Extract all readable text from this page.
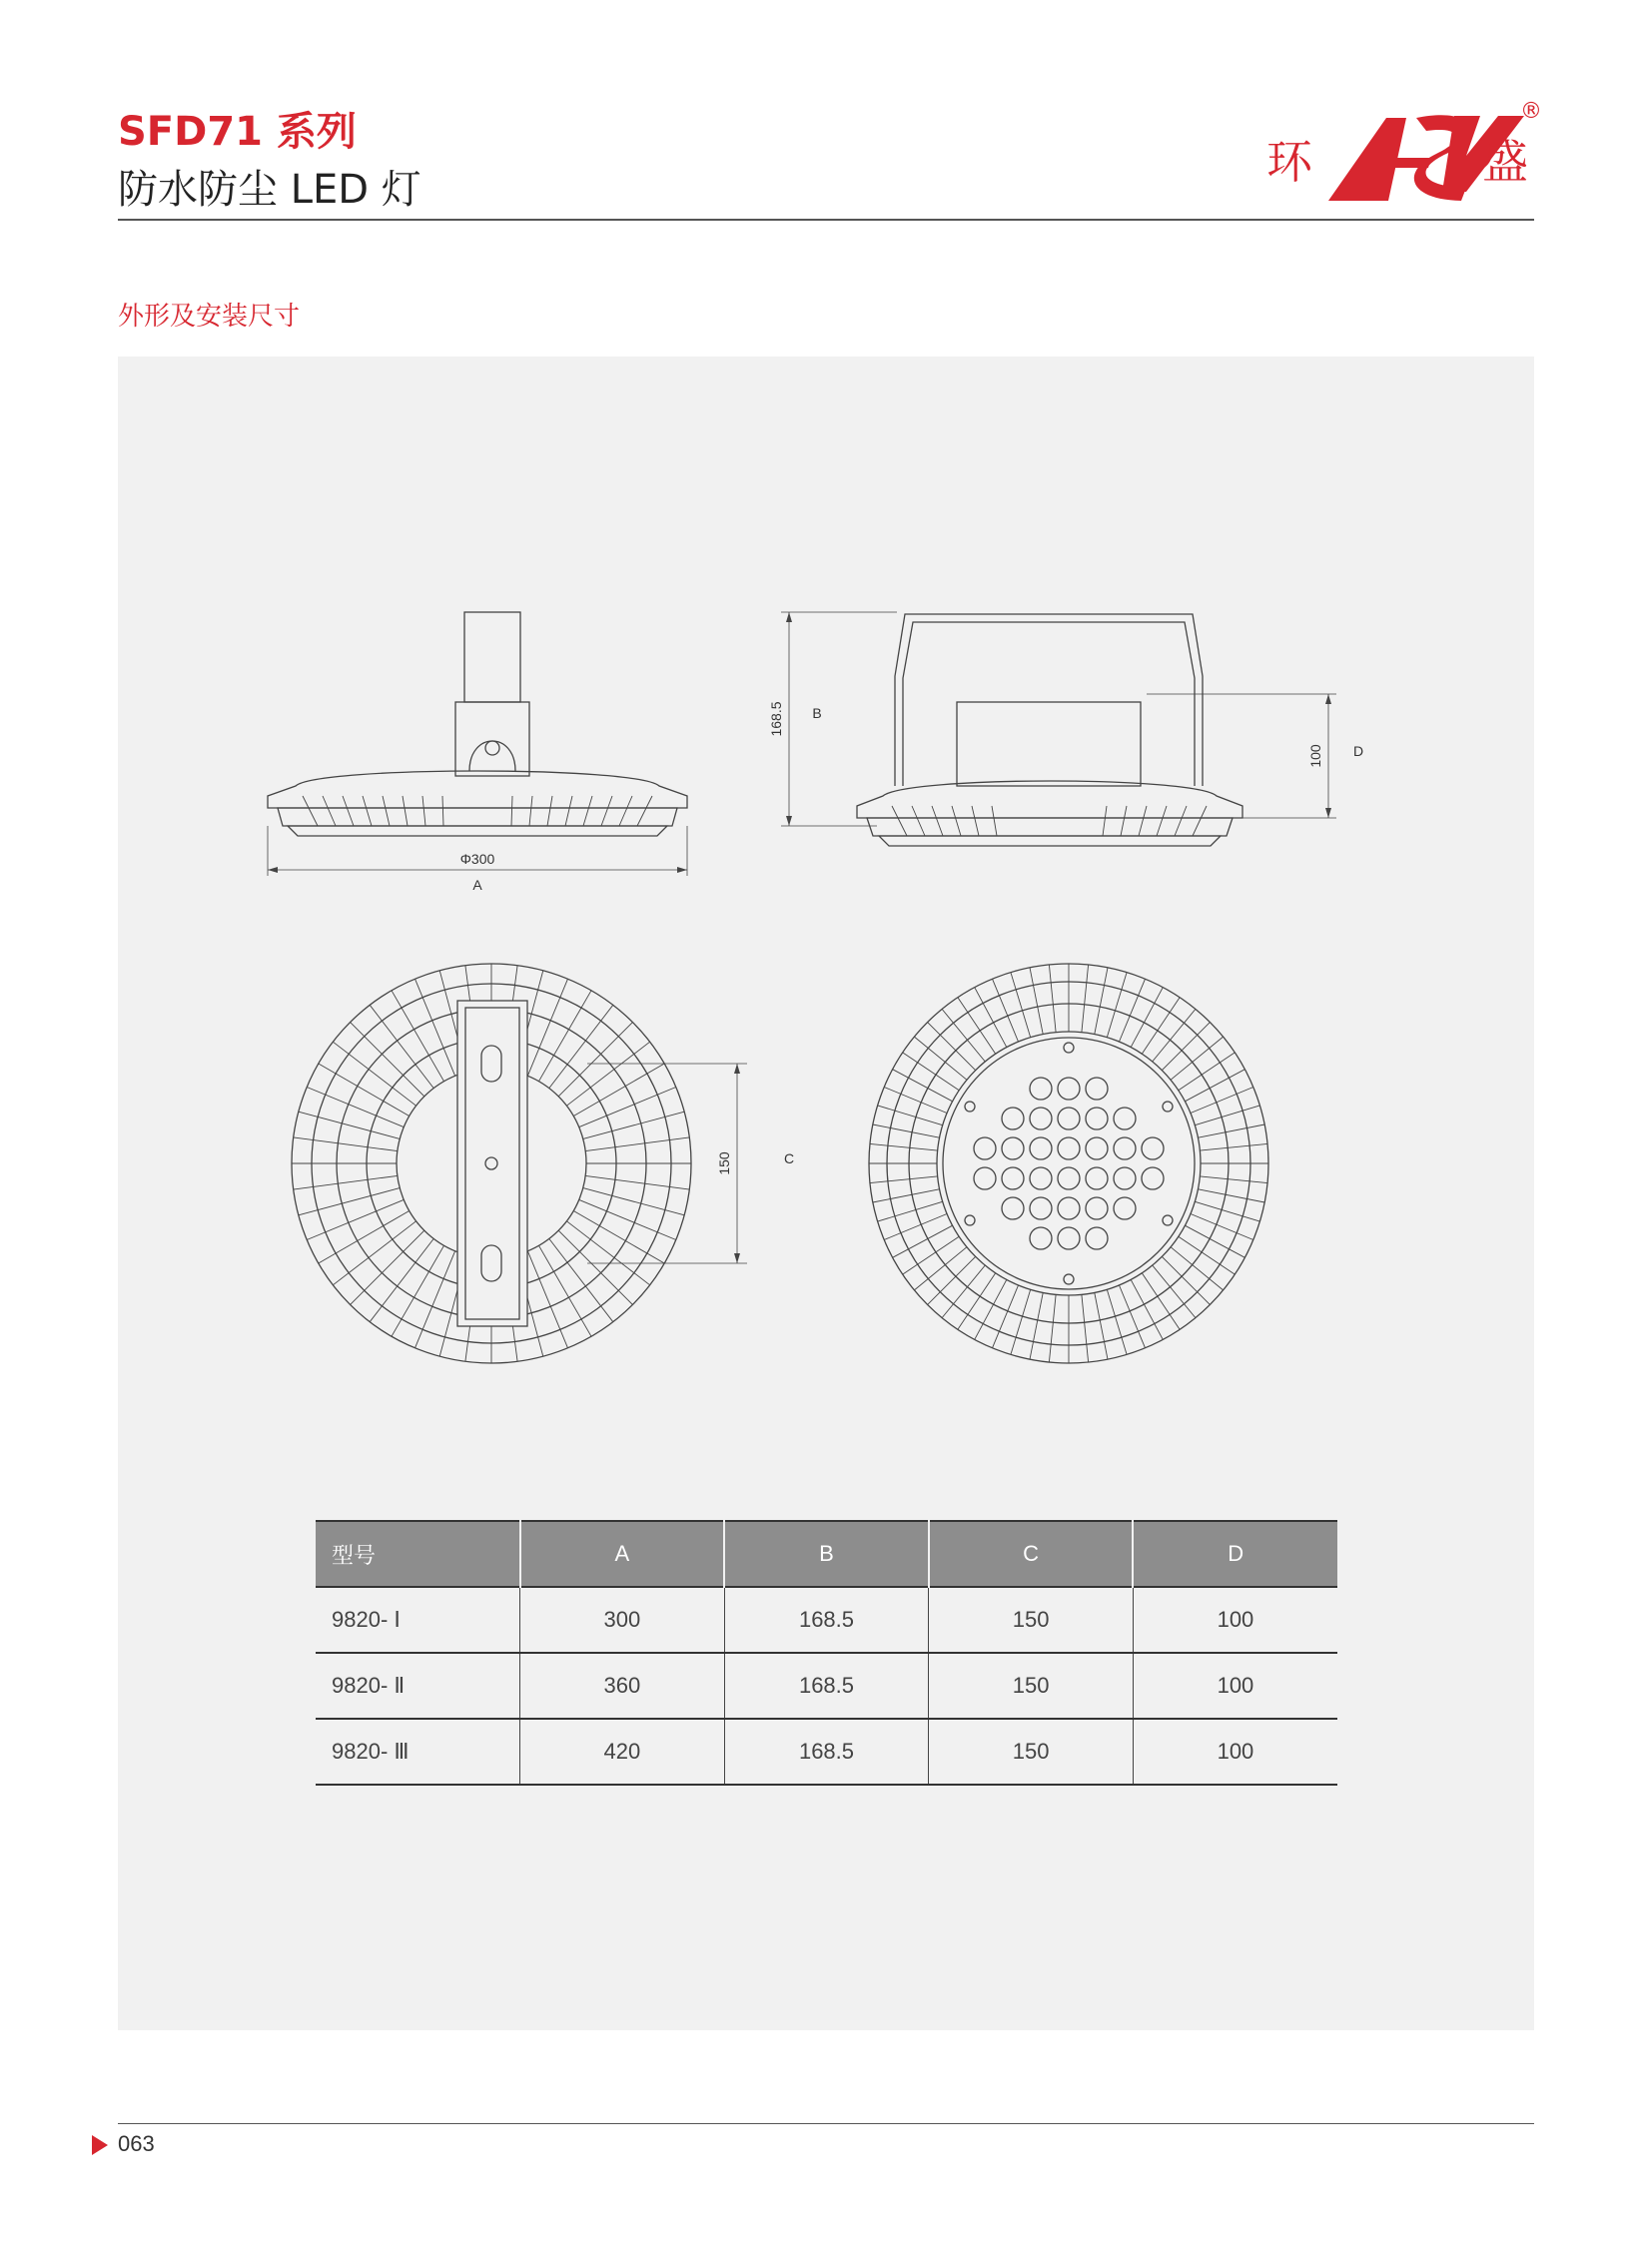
SFD71 系列
防水防尘 LED 灯
环	盛
®
外形及安装尺寸
Φ300
A
168.5 B
100 D
150	C
型号	A	B	C	D
9820- Ⅰ	300	168.5	150	100
9820- Ⅱ	360	168.5	150	100
9820- Ⅲ	420	168.5	150	100
063
